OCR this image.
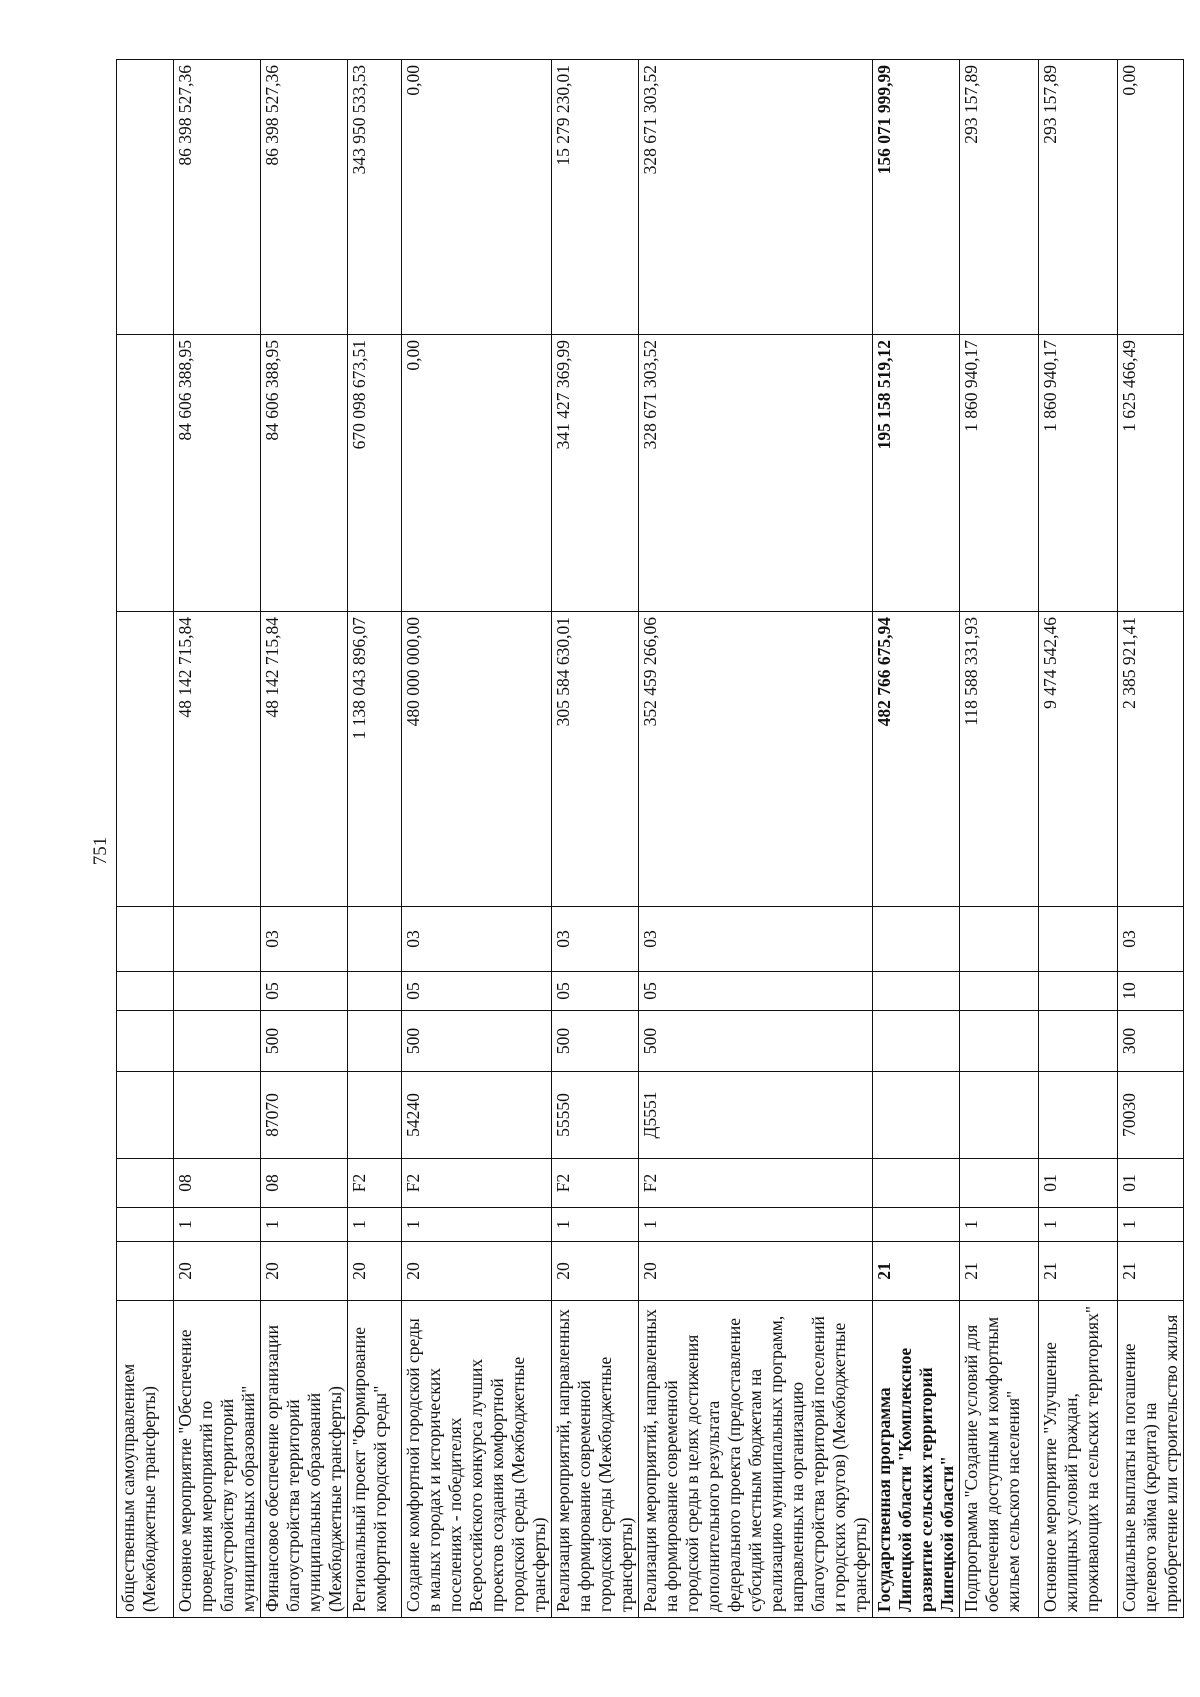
751
общественным самоуправлением (Межбюджетные трансферты)										
Основное мероприятие "Обеспечение проведения мероприятий по благоустройству территорий муниципальных образований"	20	1	08					48 142 715,84	84 606 388,95	86 398 527,36
Финансовое обеспечение организации благоустройства территорий муниципальных образований (Межбюджетные трансферты)	20	1	08	87070	500	05	03	48 142 715,84	84 606 388,95	86 398 527,36
Региональный проект "Формирование комфортной городской среды"	20	1	F2					1 138 043 896,07	670 098 673,51	343 950 533,53
Создание комфортной городской среды в малых городах и исторических поселениях - победителях Всероссийского конкурса лучших проектов создания комфортной городской среды (Межбюджетные трансферты)	20	1	F2	54240	500	05	03	480 000 000,00	0,00	0,00
Реализация мероприятий, направленных на формирование современной городской среды (Межбюджетные трансферты)	20	1	F2	55550	500	05	03	305 584 630,01	341 427 369,99	15 279 230,01
Реализация мероприятий, направленных на формирование современной городской среды в целях достижения дополнительного результата федерального проекта (предоставление субсидий местным бюджетам на реализацию муниципальных программ, направленных на организацию благоустройства территорий поселений и городских округов) (Межбюджетные трансферты)	20	1	F2	Д5551	500	05	03	352 459 266,06	328 671 303,52	328 671 303,52
Государственная программа Липецкой области "Комплексное развитие сельских территорий Липецкой области"	21							482 766 675,94	195 158 519,12	156 071 999,99
Подпрограмма "Создание условий для обеспечения доступным и комфортным жильем сельского населения"	21	1						118 588 331,93	1 860 940,17	293 157,89
Основное мероприятие "Улучшение жилищных условий граждан, проживающих на сельских территориях"	21	1	01					9 474 542,46	1 860 940,17	293 157,89
Социальные выплаты на погашение целевого займа (кредита) на приобретение или строительство жилья	21	1	01	70030	300	10	03	2 385 921,41	1 625 466,49	0,00
